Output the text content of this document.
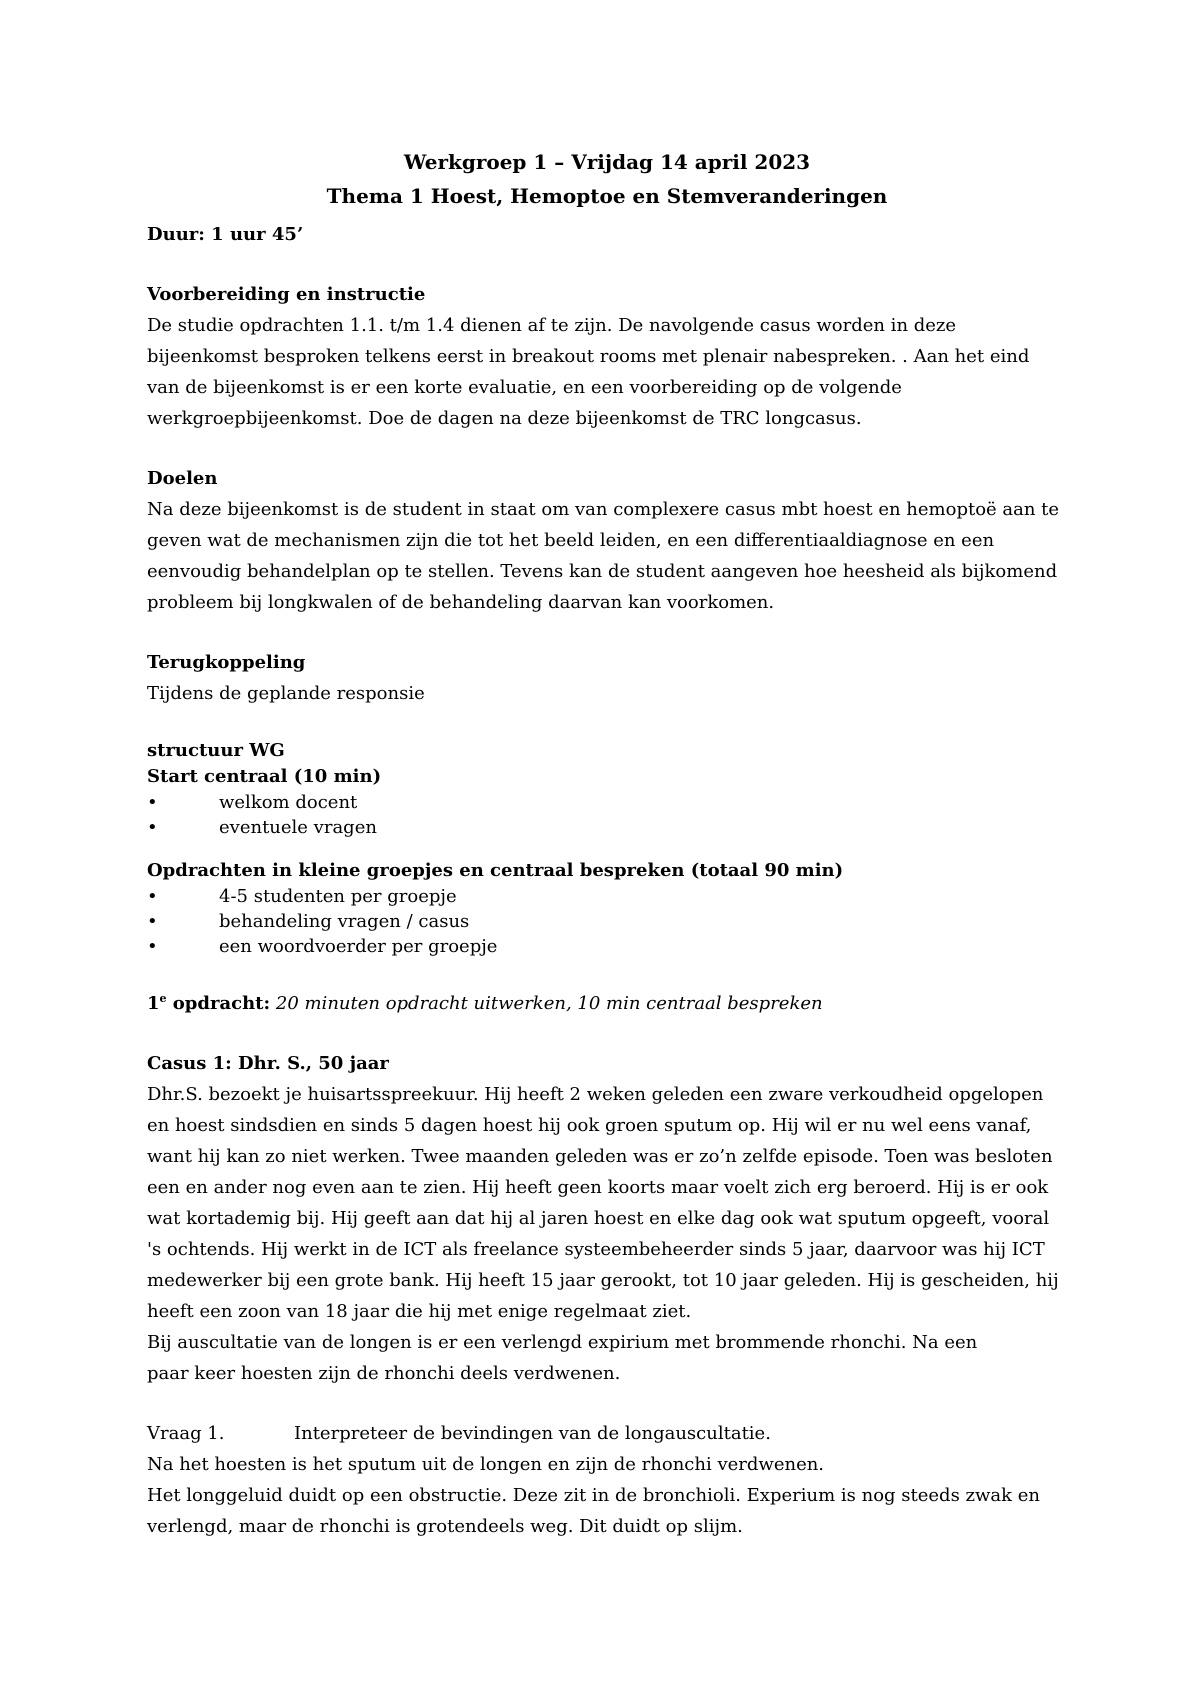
Werkgroep 1 – Vrijdag 14 april 2023
Thema 1 Hoest, Hemoptoe en Stemveranderingen

Duur: 1 uur 45’

Voorbereiding en instructie

De studie opdrachten 1.1. t/m 1.4 dienen af te zijn. De navolgende casus worden in deze bijeenkomst besproken telkens eerst in breakout rooms met plenair nabespreken. . Aan het eind van de bijeenkomst is er een korte evaluatie, en een voorbereiding op de volgende werkgroepbijeenkomst. Doe de dagen na deze bijeenkomst de TRC longcasus.

Doelen

Na deze bijeenkomst is de student in staat om van complexere casus mbt hoest en hemoptoë aan te geven wat de mechanismen zijn die tot het beeld leiden, en een differentiaaldiagnose en een eenvoudig behandelplan op te stellen. Tevens kan de student aangeven hoe heesheid als bijkomend probleem bij longkwalen of de behandeling daarvan kan voorkomen.

Terugkoppeling

Tijdens de geplande responsie

structuur WG

Start centraal (10 min)

• welkom docent
• eventuele vragen

Opdrachten in kleine groepjes en centraal bespreken (totaal 90 min)

• 4-5 studenten per groepje
• behandeling vragen / casus
• een woordvoerder per groepje

1e opdracht: 20 minuten opdracht uitwerken, 10 min centraal bespreken

Casus 1: Dhr. S., 50 jaar

Dhr.S. bezoekt je huisartsspreekuur. Hij heeft 2 weken geleden een zware verkoudheid opgelopen en hoest sindsdien en sinds 5 dagen hoest hij ook groen sputum op. Hij wil er nu wel eens vanaf, want hij kan zo niet werken. Twee maanden geleden was er zo’n zelfde episode. Toen was besloten een en ander nog even aan te zien. Hij heeft geen koorts maar voelt zich erg beroerd. Hij is er ook wat kortademig bij. Hij geeft aan dat hij al jaren hoest en elke dag ook wat sputum opgeeft, vooral 's ochtends. Hij werkt in de ICT als freelance systeembeheerder sinds 5 jaar, daarvoor was hij ICT medewerker bij een grote bank. Hij heeft 15 jaar gerookt, tot 10 jaar geleden. Hij is gescheiden, hij heeft een zoon van 18 jaar die hij met enige regelmaat ziet.

Bij auscultatie van de longen is er een verlengd expirium met brommende rhonchi. Na een

paar keer hoesten zijn de rhonchi deels verdwenen.

Vraag 1.	Interpreteer de bevindingen van de longauscultatie.

Na het hoesten is het sputum uit de longen en zijn de rhonchi verdwenen.

Het longgeluid duidt op een obstructie. Deze zit in de bronchioli. Experium is nog steeds zwak en verlengd, maar de rhonchi is grotendeels weg. Dit duidt op slijm.
